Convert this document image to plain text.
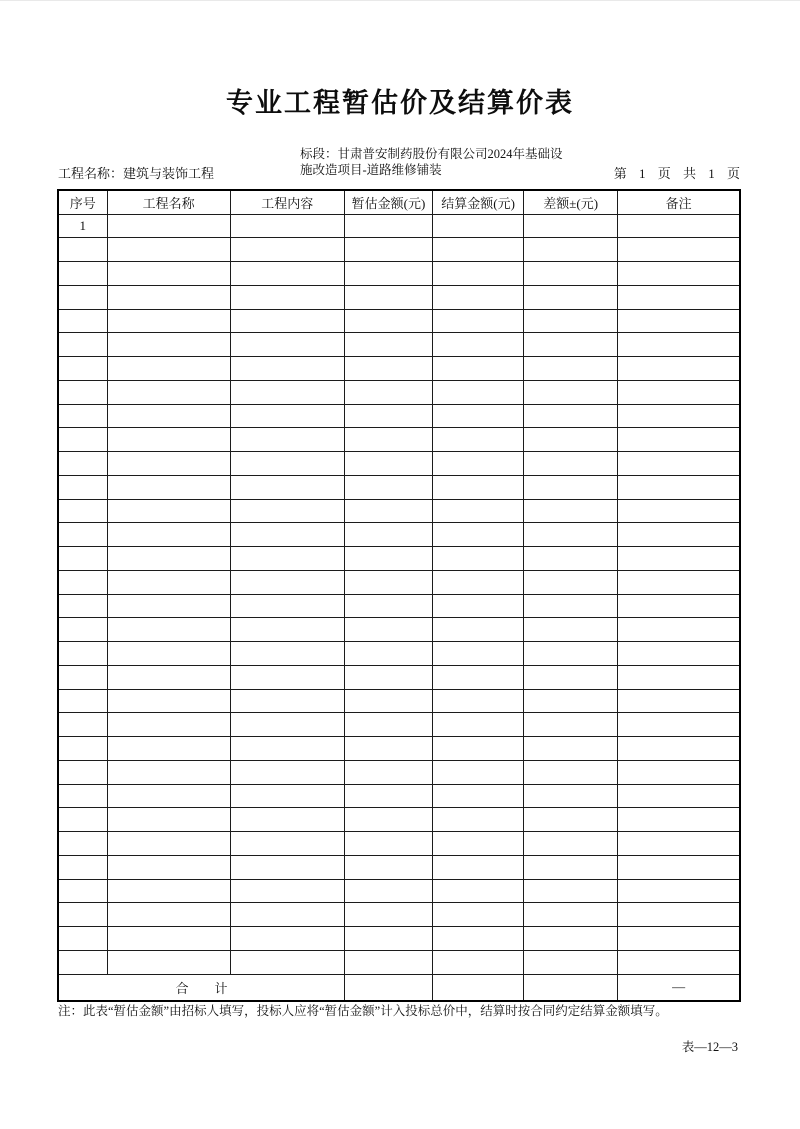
专业工程暂估价及结算价表
工程名称：建筑与装饰工程
标段：甘肃普安制药股份有限公司2024年基础设
施改造项目-道路维修铺装	第 1 页 共 1 页
序号	工程名称	工程内容	暂估金额(元)	结算金额(元)	差额±(元)	备注
1						

合　　计						—
注：此表“暂估金额”由招标人填写，投标人应将“暂估金额”计入投标总价中，结算时按合同约定结算金额填写。
表—12—3
